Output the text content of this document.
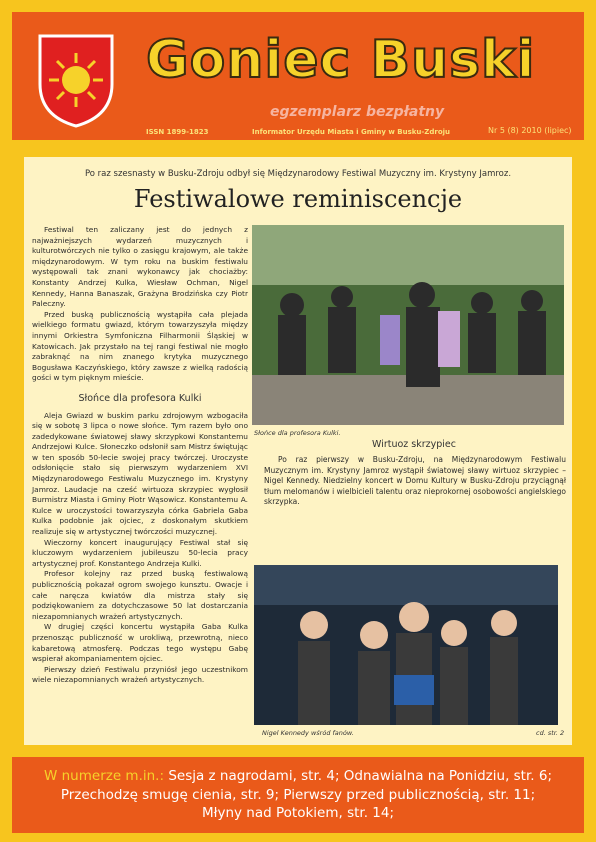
Goniec Buski
egzemplarz bezpłatny
ISSN 1899-1823	Informator Urzędu Miasta i Gminy w Busku-Zdroju	Nr 5 (8) 2010 (lipiec)
Po raz szesnasty w Busku-Zdroju odbył się Międzynarodowy Festiwal Muzyczny im. Krystyny Jamroz.
Festiwalowe reminiscencje

Festiwal ten zaliczany jest do jednych z najważniejszych wydarzeń muzycznych i kulturotwórczych nie tylko o zasięgu krajowym, ale także międzynarodowym. W tym roku na buskim festiwalu występowali tak znani wykonawcy jak chociażby: Konstanty Andrzej Kulka, Wiesław Ochman, Nigel Kennedy, Hanna Banaszak, Grażyna Brodzińska czy Piotr Paleczny.

Przed buską publicznością wystąpiła cała plejada wielkiego formatu gwiazd, którym towarzyszyła między innymi Orkiestra Symfoniczna Filharmonii Śląskiej w Katowicach. Jak przystało na tej rangi festiwal nie mogło zabraknąć na nim znanego krytyka muzycznego Bogusława Kaczyńskiego, który zawsze z wielką radością gości w tym pięknym mieście.

Słońce dla profesora Kulki

Aleja Gwiazd w buskim parku zdrojowym wzbogaciła się w sobotę 3 lipca o nowe słońce. Tym razem było ono zadedykowane światowej sławy skrzypkowi Konstantemu Andrzejowi Kulce. Słoneczko odsłonił sam Mistrz świętując w ten sposób 50-lecie swojej pracy twórczej. Uroczyste odsłonięcie stało się pierwszym wydarzeniem XVI Międzynarodowego Festiwalu Muzycznego im. Krystyny Jamroz. Laudacje na cześć wirtuoza skrzypiec wygłosił Burmistrz Miasta i Gminy Piotr Wąsowicz. Konstantemu A. Kulce w uroczystości towarzyszyła córka Gabriela Gaba Kulka podobnie jak ojciec, z doskonałym skutkiem realizuje się w artystycznej twórczości muzycznej.

Wieczorny koncert inaugurujący Festiwal stał się kluczowym wydarzeniem jubileuszu 50-lecia pracy artystycznej prof. Konstantego Andrzeja Kulki.

Profesor kolejny raz przed buską festiwalową publicznością pokazał ogrom swojego kunsztu. Owacje i całe naręcza kwiatów dla mistrza stały się podziękowaniem za dotychczasowe 50 lat dostarczania niezapomnianych wrażeń artystycznych.

W drugiej części koncertu wystąpiła Gaba Kulka przenosząc publiczność w urokliwą, przewrotną, nieco kabaretową atmosferę. Podczas tego występu Gabę wspierał akompaniamentem ojciec.

Pierwszy dzień Festiwalu przyniósł jego uczestnikom wiele niezapomnianych wrażeń artystycznych.

Słońce dla profesora Kulki.
Wirtuoz skrzypiec

Po raz pierwszy w Busku-Zdroju, na Międzynarodowym Festiwalu Muzycznym im. Krystyny Jamroz wystąpił światowej sławy wirtuoz skrzypiec – Nigel Kennedy. Niedzielny koncert w Domu Kultury w Busku-Zdroju przyciągnął tłum melomanów i wielbicieli talentu oraz nieprokornej osobowości angielskiego skrzypka.

Nigel Kennedy wśród fanów.	cd. str. 2
W numerze m.in.: Sesja z nagrodami, str. 4; Odnawialna na Ponidziu, str. 6;
Przechodzę smugę cienia, str. 9; Pierwszy przed publicznością, str. 11;
Młyny nad Potokiem, str. 14;
